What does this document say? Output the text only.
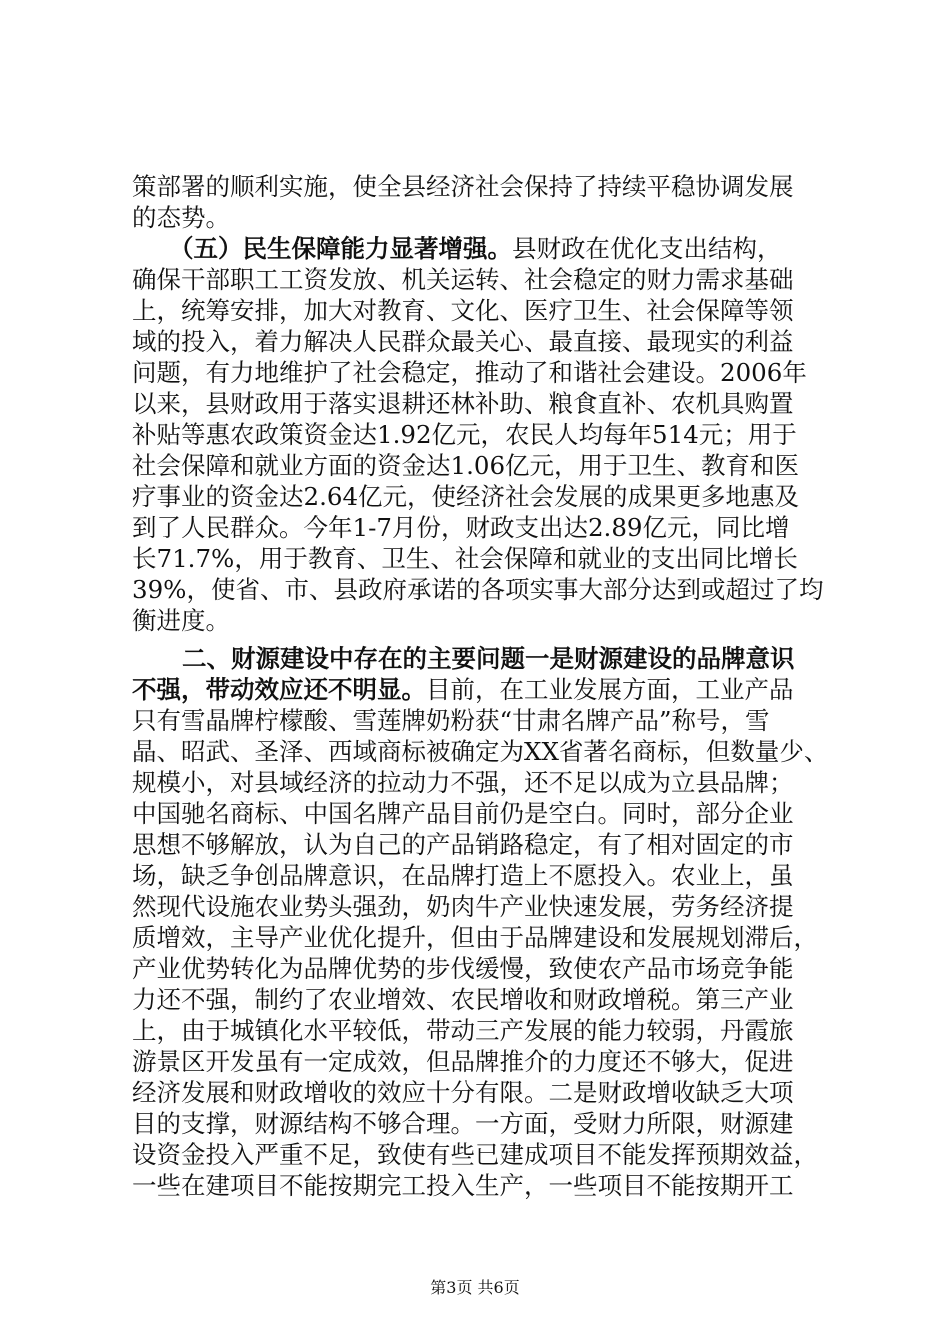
策部署的顺利实施，使全县经济社会保持了持续平稳协调发展
的态势。
（五）民生保障能力显著增强。县财政在优化支出结构，
确保干部职工工资发放、机关运转、社会稳定的财力需求基础
上，统筹安排，加大对教育、文化、医疗卫生、社会保障等领
域的投入，着力解决人民群众最关心、最直接、最现实的利益
问题，有力地维护了社会稳定，推动了和谐社会建设。2006年
以来，县财政用于落实退耕还林补助、粮食直补、农机具购置
补贴等惠农政策资金达1.92亿元，农民人均每年514元；用于
社会保障和就业方面的资金达1.06亿元，用于卫生、教育和医
疗事业的资金达2.64亿元，使经济社会发展的成果更多地惠及
到了人民群众。今年1-7月份，财政支出达2.89亿元，同比增
长71.7%，用于教育、卫生、社会保障和就业的支出同比增长
39%，使省、市、县政府承诺的各项实事大部分达到或超过了均
衡进度。
二、财源建设中存在的主要问题一是财源建设的品牌意识
不强，带动效应还不明显。目前，在工业发展方面，工业产品
只有雪晶牌柠檬酸、雪莲牌奶粉获“甘肃名牌产品”称号，雪
晶、昭武、圣泽、西域商标被确定为XX省著名商标，但数量少、
规模小，对县域经济的拉动力不强，还不足以成为立县品牌；
中国驰名商标、中国名牌产品目前仍是空白。同时，部分企业
思想不够解放，认为自己的产品销路稳定，有了相对固定的市
场，缺乏争创品牌意识，在品牌打造上不愿投入。农业上，虽
然现代设施农业势头强劲，奶肉牛产业快速发展，劳务经济提
质增效，主导产业优化提升，但由于品牌建设和发展规划滞后，
产业优势转化为品牌优势的步伐缓慢，致使农产品市场竞争能
力还不强，制约了农业增效、农民增收和财政增税。第三产业
上，由于城镇化水平较低，带动三产发展的能力较弱，丹霞旅
游景区开发虽有一定成效，但品牌推介的力度还不够大，促进
经济发展和财政增收的效应十分有限。二是财政增收缺乏大项
目的支撑，财源结构不够合理。一方面，受财力所限，财源建
设资金投入严重不足，致使有些已建成项目不能发挥预期效益，
一些在建项目不能按期完工投入生产，一些项目不能按期开工
第3页 共6页
